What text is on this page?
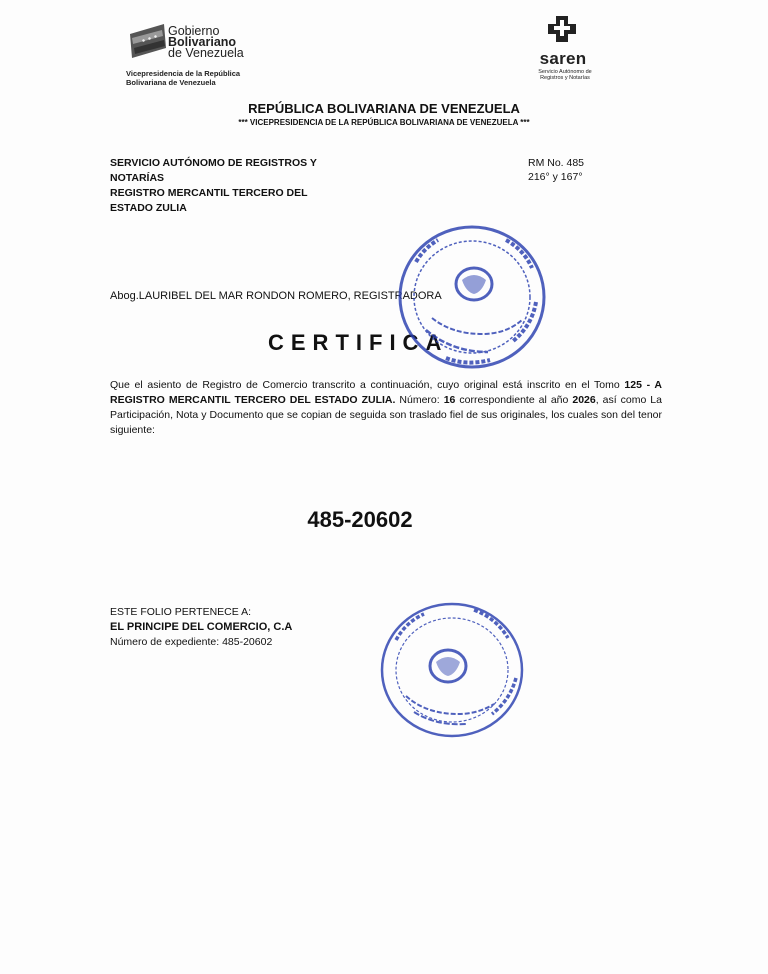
Gobierno
Bolivariano
de Venezuela
Vicepresidencia de la República
Bolivariana de Venezuela
saren
Servicio Autónomo de
Registros y Notarías
REPÚBLICA BOLIVARIANA DE VENEZUELA
*** VICEPRESIDENCIA DE LA REPÚBLICA BOLIVARIANA DE VENEZUELA ***
SERVICIO AUTÓNOMO DE REGISTROS Y
NOTARÍAS
REGISTRO MERCANTIL TERCERO DEL
ESTADO ZULIA
RM No. 485
216° y 167°
Abog.LAURIBEL DEL MAR RONDON ROMERO, REGISTRADORA
CERTIFICA
Que el asiento de Registro de Comercio transcrito a continuación, cuyo original está inscrito en el Tomo 125 - A REGISTRO MERCANTIL TERCERO DEL ESTADO ZULIA. Número: 16 correspondiente al año 2026, así como La Participación, Nota y Documento que se copian de seguida son traslado fiel de sus originales, los cuales son del tenor siguiente:
485-20602
ESTE FOLIO PERTENECE A:
EL PRINCIPE DEL COMERCIO, C.A
Número de expediente: 485-20602
